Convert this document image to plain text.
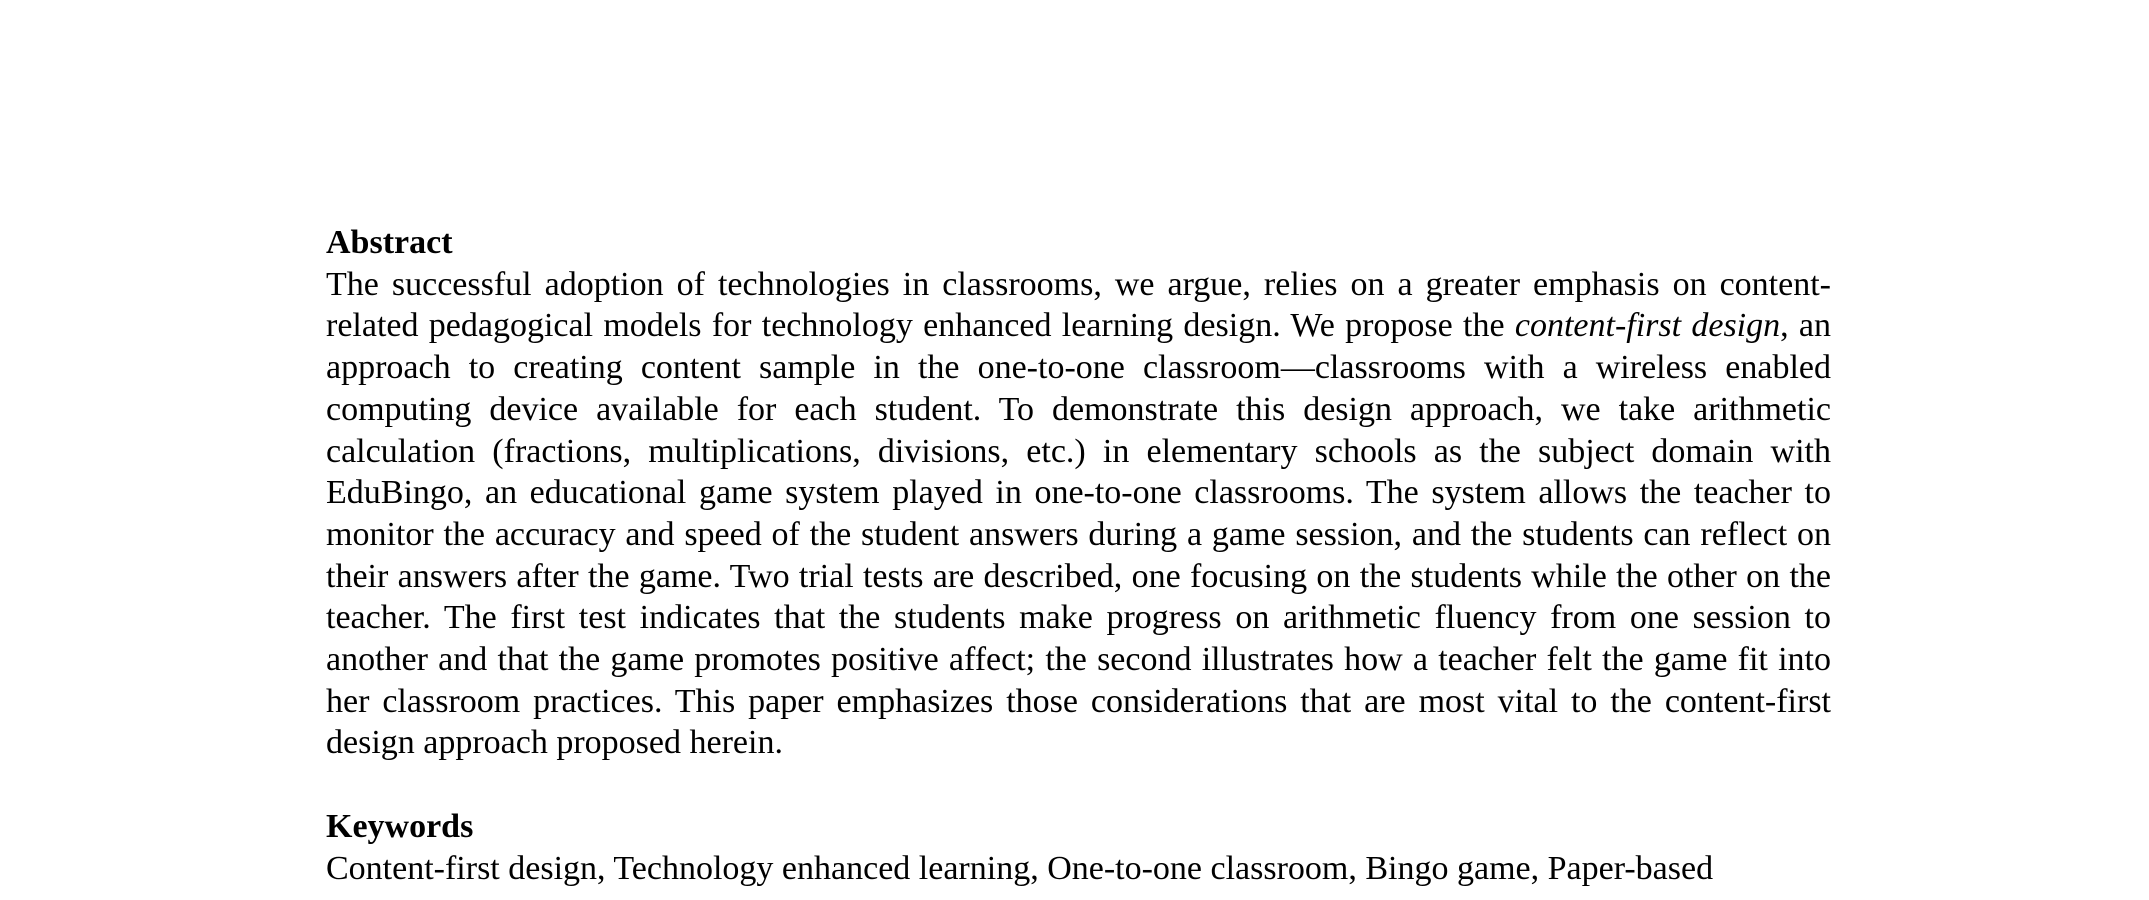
Abstract

The successful adoption of technologies in classrooms, we argue, relies on a greater emphasis on content-related pedagogical models for technology enhanced learning design. We propose the content-first design, an approach to creating content sample in the one-to-one classroom—classrooms with a wireless enabled computing device available for each student. To demonstrate this design approach, we take arithmetic calculation (fractions, multiplications, divisions, etc.) in elementary schools as the subject domain with EduBingo, an educational game system played in one-to-one classrooms. The system allows the teacher to monitor the accuracy and speed of the student answers during a game session, and the students can reflect on their answers after the game. Two trial tests are described, one focusing on the students while the other on the teacher. The first test indicates that the students make progress on arithmetic fluency from one session to another and that the game promotes positive affect; the second illustrates how a teacher felt the game fit into her classroom practices. This paper emphasizes those considerations that are most vital to the content-first design approach proposed herein.

Keywords

Content-first design, Technology enhanced learning, One-to-one classroom, Bingo game, Paper-based
